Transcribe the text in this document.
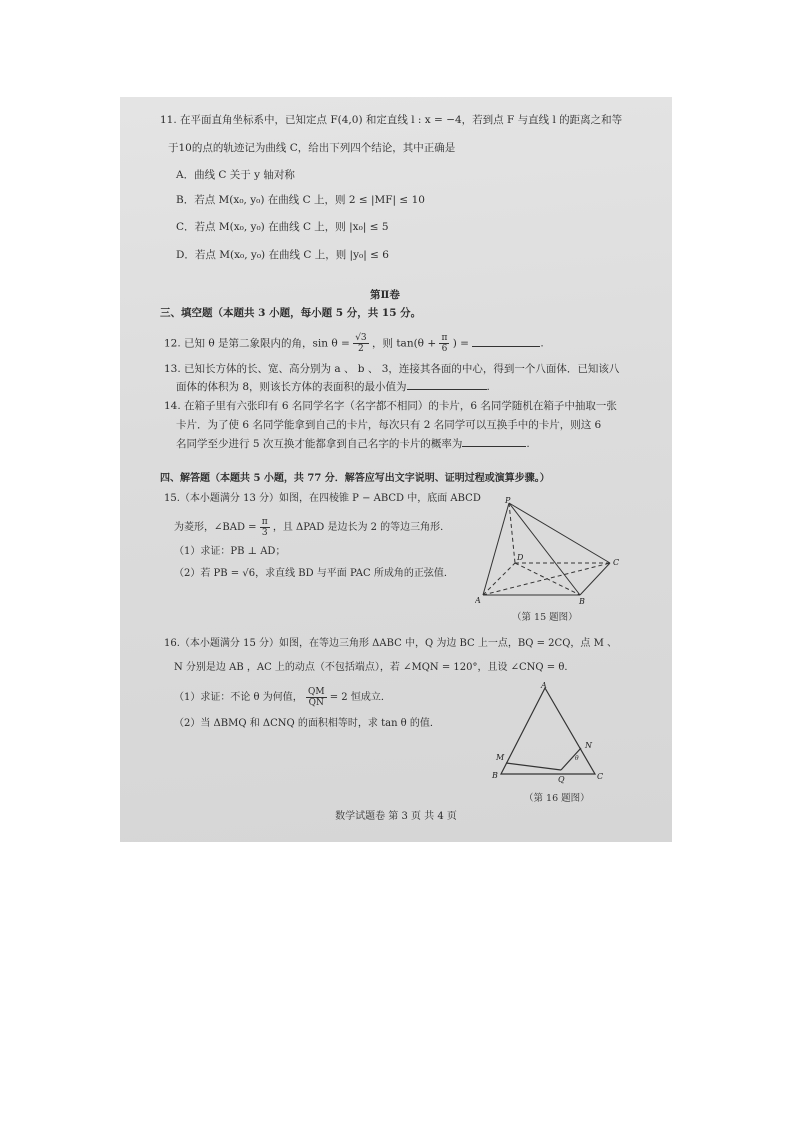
11. 在平面直角坐标系中，已知定点 F(4,0) 和定直线 l : x = −4，若到点 F 与直线 l 的距离之和等
于10的点的轨迹记为曲线 C，给出下列四个结论，其中正确是
A．曲线 C 关于 y 轴对称
B．若点 M(x₀, y₀) 在曲线 C 上，则 2 ≤ |MF| ≤ 10
C．若点 M(x₀, y₀) 在曲线 C 上，则 |x₀| ≤ 5
D．若点 M(x₀, y₀) 在曲线 C 上，则 |y₀| ≤ 6
第Ⅱ卷
三、填空题（本题共 3 小题，每小题 5 分，共 15 分。
12. 已知 θ 是第二象限内的角，$\sin \theta = \frac{√3}{2}$ ，则 $\tan(\theta + \frac{\pi}{6}$ ) =	.
13. 已知长方体的长、宽、高分别为 a 、 b 、 3，连接其各面的中心，得到一个八面体．已知该八
面体的体积为 8，则该长方体的表面积的最小值为	.
14. 在箱子里有六张印有 6 名同学名字（名字都不相同）的卡片，6 名同学随机在箱子中抽取一张
卡片．为了使 6 名同学能拿到自己的卡片，每次只有 2 名同学可以互换手中的卡片，则这 6
名同学至少进行 5 次互换才能都拿到自己名字的卡片的概率为	.
四、解答题（本题共 5 小题，共 77 分．解答应写出文字说明、证明过程或演算步骤。）
15.（本小题满分 13 分）如图，在四棱锥 P − ABCD 中，底面 ABCD
为菱形，∠BAD = $\frac{\pi}{3}$ ，且 ΔPAD 是边长为 2 的等边三角形．
（1）求证：PB ⊥ AD；
（2）若 PB = √6，求直线 BD 与平面 PAC 所成角的正弦值．
P
A	B
C
D
（第 15 题图）
16.（本小题满分 15 分）如图，在等边三角形 ΔABC 中，Q 为边 BC 上一点，BQ = 2CQ，点 M 、
N 分别是边 AB ，AC 上的动点（不包括端点），若 ∠MQN = 120°，且设 ∠CNQ = θ．
（1）求证：不论 θ 为何值， $\frac{QM}{QN} = 2$ 恒成立．
（2）当 ΔBMQ 和 ΔCNQ 的面积相等时，求 tan θ 的值．
A
B	C
M
N
Q
θ
（第 16 题图）
数学试题卷 第 3 页 共 4 页
